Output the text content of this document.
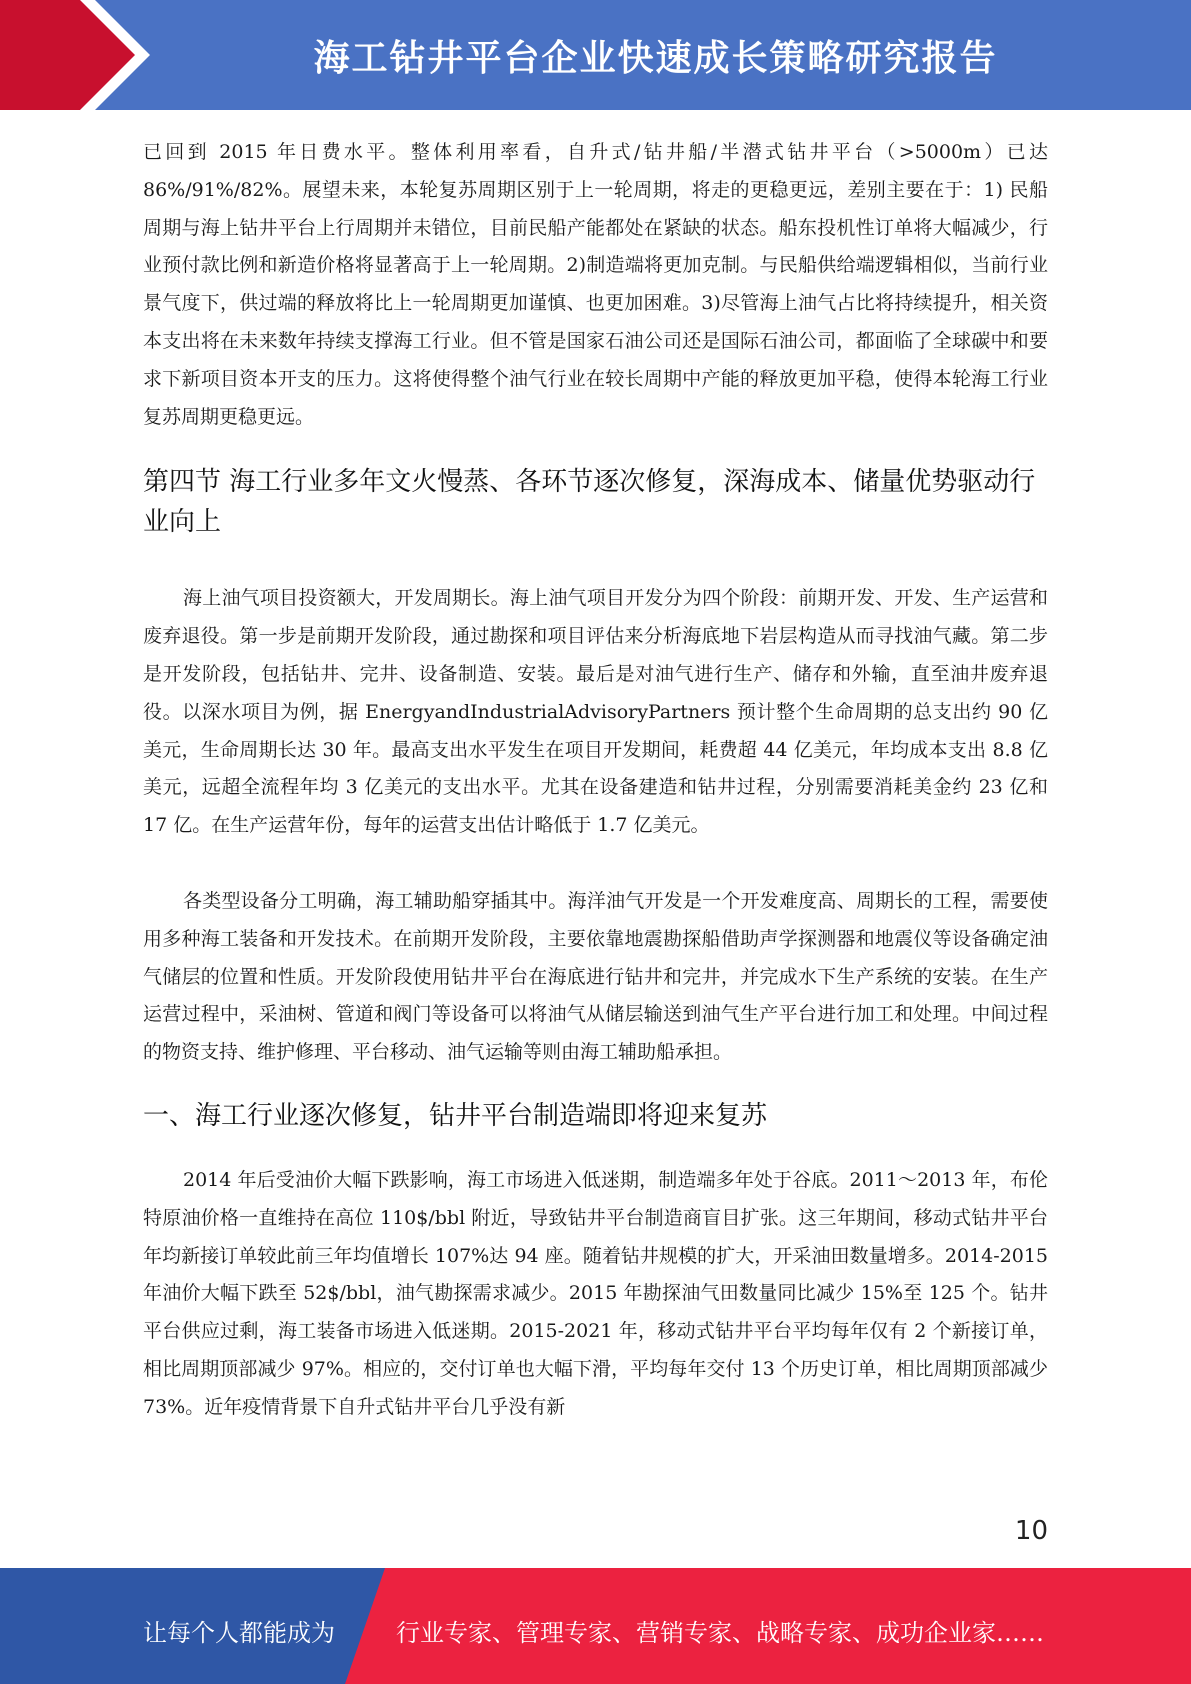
海工钻井平台企业快速成长策略研究报告

已回到 2015 年日费水平。整体利用率看，自升式/钻井船/半潜式钻井平台（>5000m）已达 86%/91%/82%。展望未来，本轮复苏周期区别于上一轮周期，将走的更稳更远，差别主要在于：1) 民船周期与海上钻井平台上行周期并未错位，目前民船产能都处在紧缺的状态。船东投机性订单将大幅减少，行业预付款比例和新造价格将显著高于上一轮周期。2)制造端将更加克制。与民船供给端逻辑相似，当前行业景气度下，供过端的释放将比上一轮周期更加谨慎、也更加困难。3)尽管海上油气占比将持续提升，相关资本支出将在未来数年持续支撑海工行业。但不管是国家石油公司还是国际石油公司，都面临了全球碳中和要求下新项目资本开支的压力。这将使得整个油气行业在较长周期中产能的释放更加平稳，使得本轮海工行业复苏周期更稳更远。

第四节 海工行业多年文火慢蒸、各环节逐次修复，深海成本、储量优势驱动行业向上

海上油气项目投资额大，开发周期长。海上油气项目开发分为四个阶段：前期开发、开发、生产运营和废弃退役。第一步是前期开发阶段，通过勘探和项目评估来分析海底地下岩层构造从而寻找油气藏。第二步是开发阶段，包括钻井、完井、设备制造、安装。最后是对油气进行生产、储存和外输，直至油井废弃退役。以深水项目为例，据 EnergyandIndustrialAdvisoryPartners 预计整个生命周期的总支出约 90 亿美元，生命周期长达 30 年。最高支出水平发生在项目开发期间，耗费超 44 亿美元，年均成本支出 8.8 亿美元，远超全流程年均 3 亿美元的支出水平。尤其在设备建造和钻井过程，分别需要消耗美金约 23 亿和 17 亿。在生产运营年份，每年的运营支出估计略低于 1.7 亿美元。

各类型设备分工明确，海工辅助船穿插其中。海洋油气开发是一个开发难度高、周期长的工程，需要使用多种海工装备和开发技术。在前期开发阶段，主要依靠地震勘探船借助声学探测器和地震仪等设备确定油气储层的位置和性质。开发阶段使用钻井平台在海底进行钻井和完井，并完成水下生产系统的安装。在生产运营过程中，采油树、管道和阀门等设备可以将油气从储层输送到油气生产平台进行加工和处理。中间过程的物资支持、维护修理、平台移动、油气运输等则由海工辅助船承担。

一、海工行业逐次修复，钻井平台制造端即将迎来复苏

2014 年后受油价大幅下跌影响，海工市场进入低迷期，制造端多年处于谷底。2011～2013 年，布伦特原油价格一直维持在高位 110$/bbl 附近，导致钻井平台制造商盲目扩张。这三年期间，移动式钻井平台年均新接订单较此前三年均值增长 107%达 94 座。随着钻井规模的扩大，开采油田数量增多。2014-2015 年油价大幅下跌至 52$/bbl，油气勘探需求减少。2015 年勘探油气田数量同比减少 15%至 125 个。钻井平台供应过剩，海工装备市场进入低迷期。2015-2021 年，移动式钻井平台平均每年仅有 2 个新接订单，相比周期顶部减少 97%。相应的，交付订单也大幅下滑，平均每年交付 13 个历史订单，相比周期顶部减少 73%。近年疫情背景下自升式钻井平台几乎没有新

10
让每个人都能成为	行业专家、管理专家、营销专家、战略专家、成功企业家……
